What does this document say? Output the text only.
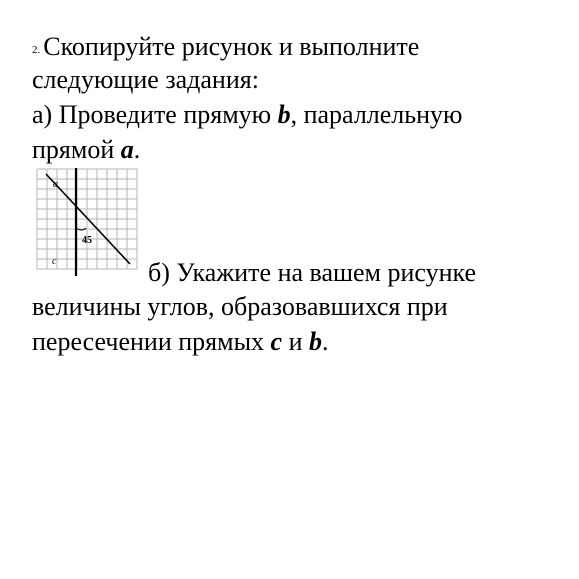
2. Скопируйте рисунок и выполните
следующие задания:
а) Проведите прямую b, параллельную
прямой a.
a
c
45
б) Укажите на вашем рисунке
величины углов, образовавшихся при
пересечении прямых c и b.
